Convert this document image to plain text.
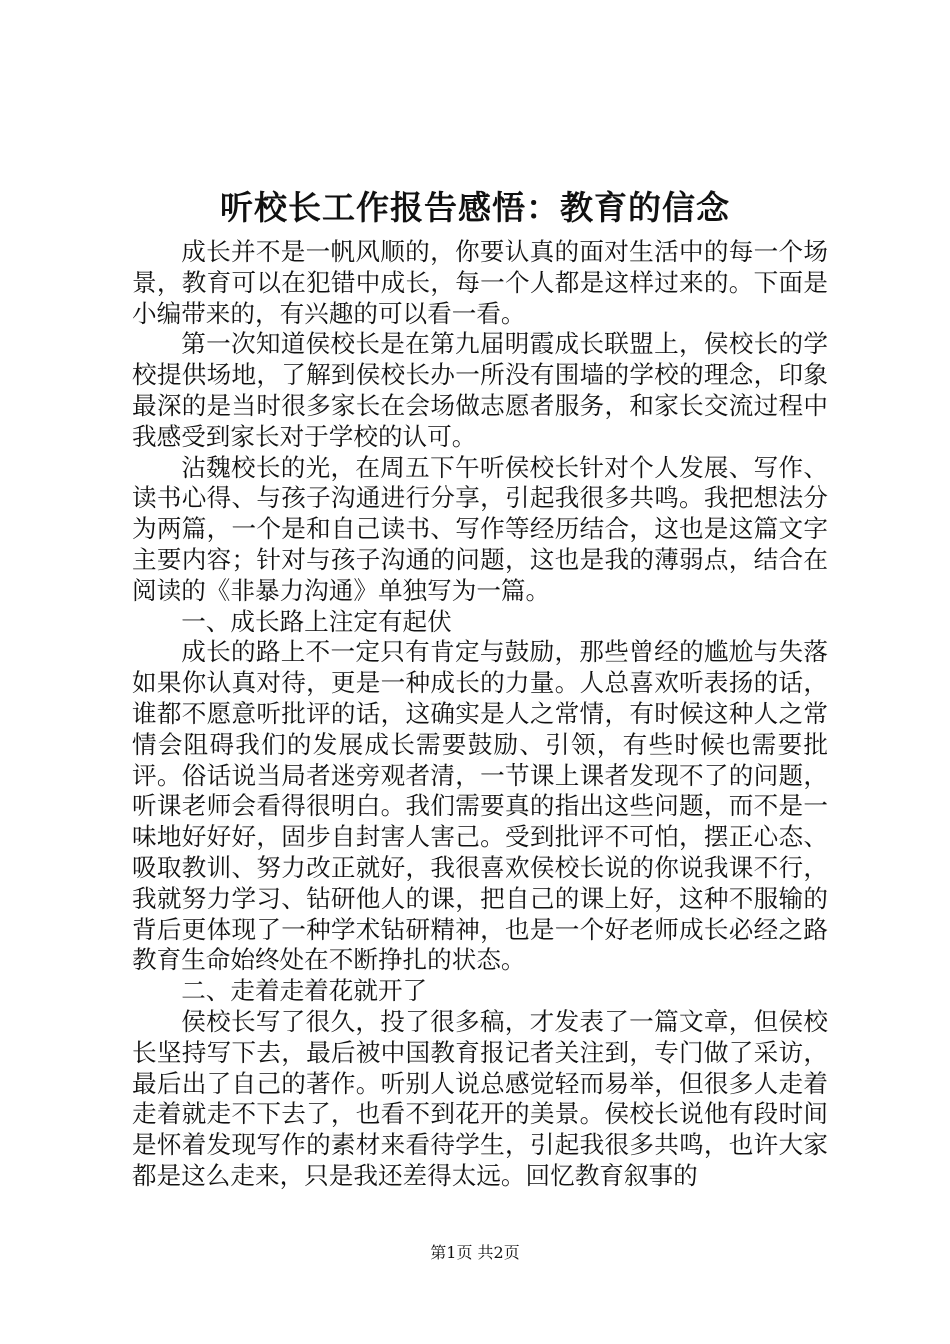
听校长工作报告感悟：教育的信念

成长并不是一帆风顺的，你要认真的面对生活中的每一个场景，教育可以在犯错中成长，每一个人都是这样过来的。下面是小编带来的，有兴趣的可以看一看。

第一次知道侯校长是在第九届明霞成长联盟上，侯校长的学校提供场地，了解到侯校长办一所没有围墙的学校的理念，印象最深的是当时很多家长在会场做志愿者服务，和家长交流过程中我感受到家长对于学校的认可。

沾魏校长的光，在周五下午听侯校长针对个人发展、写作、读书心得、与孩子沟通进行分享，引起我很多共鸣。我把想法分为两篇，一个是和自己读书、写作等经历结合，这也是这篇文字主要内容；针对与孩子沟通的问题，这也是我的薄弱点，结合在阅读的《非暴力沟通》单独写为一篇。

一、成长路上注定有起伏

成长的路上不一定只有肯定与鼓励，那些曾经的尴尬与失落如果你认真对待，更是一种成长的力量。人总喜欢听表扬的话，谁都不愿意听批评的话，这确实是人之常情，有时候这种人之常情会阻碍我们的发展成长需要鼓励、引领，有些时候也需要批评。俗话说当局者迷旁观者清，一节课上课者发现不了的问题，听课老师会看得很明白。我们需要真的指出这些问题，而不是一味地好好好，固步自封害人害己。受到批评不可怕，摆正心态、吸取教训、努力改正就好，我很喜欢侯校长说的你说我课不行，我就努力学习、钻研他人的课，把自己的课上好，这种不服输的背后更体现了一种学术钻研精神，也是一个好老师成长必经之路教育生命始终处在不断挣扎的状态。

二、走着走着花就开了

侯校长写了很久，投了很多稿，才发表了一篇文章，但侯校长坚持写下去，最后被中国教育报记者关注到，专门做了采访，最后出了自己的著作。听别人说总感觉轻而易举，但很多人走着走着就走不下去了，也看不到花开的美景。侯校长说他有段时间是怀着发现写作的素材来看待学生，引起我很多共鸣，也许大家都是这么走来，只是我还差得太远。回忆教育叙事的

第1页 共2页
